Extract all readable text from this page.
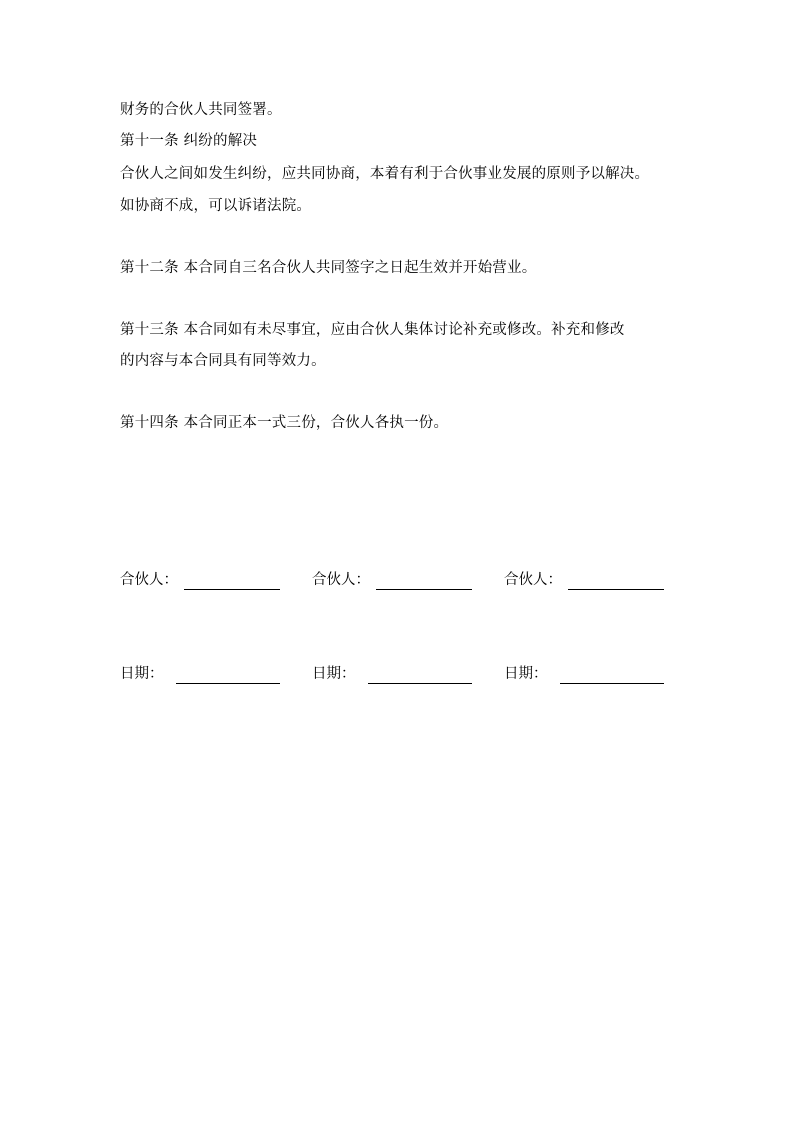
财务的合伙人共同签署。
第十一条 纠纷的解决
合伙人之间如发生纠纷，应共同协商，本着有利于合伙事业发展的原则予以解决。
如协商不成，可以诉诸法院。
第十二条 本合同自三名合伙人共同签字之日起生效并开始营业。
第十三条 本合同如有未尽事宜，应由合伙人集体讨论补充或修改。补充和修改
的内容与本合同具有同等效力。
第十四条 本合同正本一式三份，合伙人各执一份。
合伙人：	合伙人：	合伙人：
日期：	日期：	日期：
